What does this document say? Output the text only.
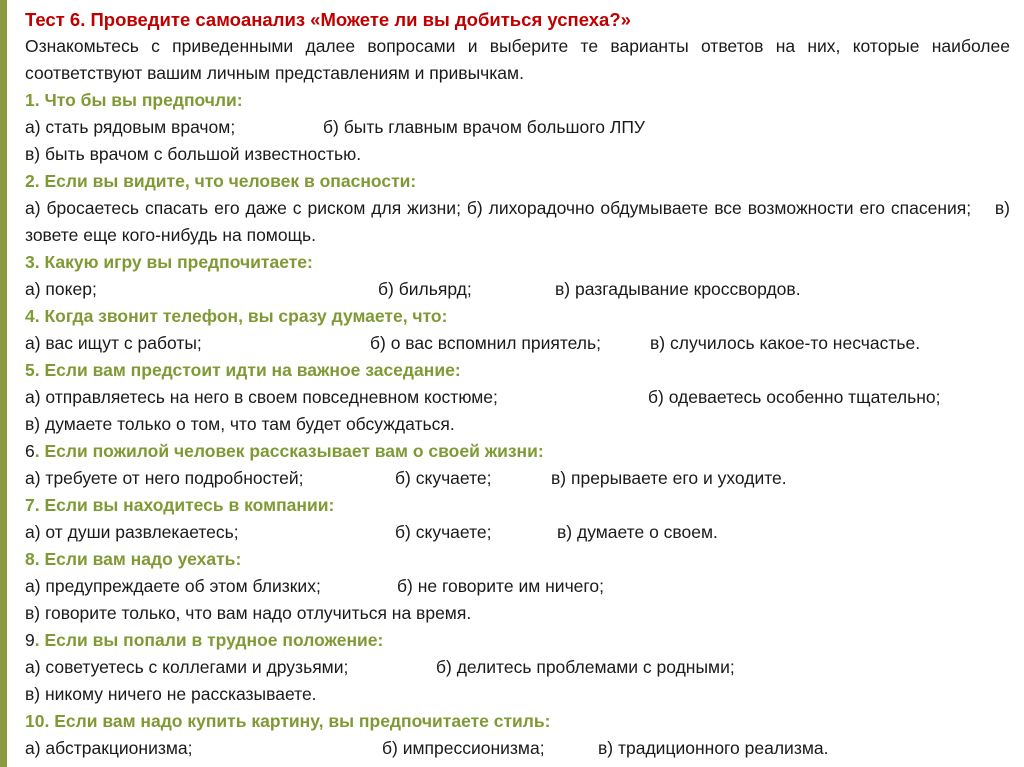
Тест 6. Проведите самоанализ «Можете ли вы добиться успеха?»
Ознакомьтесь с приведенными далее вопросами и выберите те варианты ответов на них, которые наиболее соответствуют вашим личным представлениям и привычкам.
1. Что бы вы предпочли:
а) стать рядовым врачом;	б) быть главным врачом большого ЛПУ
в) быть врачом с большой известностью.
2. Если вы видите, что человек в опасности:
а) бросаетесь спасать его даже с риском для жизни; б) лихорадочно обдумываете все возможности его спасения; в) зовете еще кого-нибудь на помощь.
3. Какую игру вы предпочитаете:
а) покер;	б) бильярд;	в) разгадывание кроссвордов.
4. Когда звонит телефон, вы сразу думаете, что:
а) вас ищут с работы;	б) о вас вспомнил приятель;	в) случилось какое-то несчастье.
5. Если вам предстоит идти на важное заседание:
а) отправляетесь на него в своем повседневном костюме;	б) одеваетесь особенно тщательно;
в) думаете только о том, что там будет обсуждаться.
6. Если пожилой человек рассказывает вам о своей жизни:
а) требуете от него подробностей;	б) скучаете;	в) прерываете его и уходите.
7. Если вы находитесь в компании:
а) от души развлекаетесь;	б) скучаете;	в) думаете о своем.
8. Если вам надо уехать:
а) предупреждаете об этом близких;	б) не говорите им ничего;
в) говорите только, что вам надо отлучиться на время.
9. Если вы попали в трудное положение:
а) советуетесь с коллегами и друзьями;	б) делитесь проблемами с родными;
в) никому ничего не рассказываете.
10. Если вам надо купить картину, вы предпочитаете стиль:
а) абстракционизма;	б) импрессионизма;	в) традиционного реализма.
